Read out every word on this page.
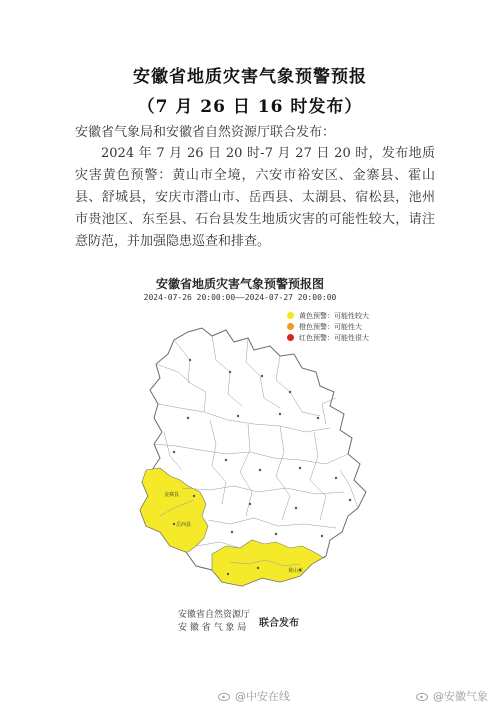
安徽省地质灾害气象预警预报
（7 月 26 日 16 时发布）
安徽省气象局和安徽省自然资源厅联合发布：
2024 年 7 月 26 日 20 时-7 月 27 日 20 时，发布地质灾害黄色预警：黄山市全境，六安市裕安区、金寨县、霍山县、舒城县，安庆市潜山市、岳西县、太湖县、宿松县，池州市贵池区、东至县、石台县发生地质灾害的可能性较大，请注意防范，并加强隐患巡查和排查。
安徽省地质灾害气象预警预报图
2024-07-26 20:00:00——2024-07-27 20:00:00
黄色预警：可能性较大
橙色预警：可能性大
红色预警：可能性很大
金寨县
岳西县
黄山市
安徽省自然资源厅
安 徽 省 气 象 局	联合发布
@中安在线	@安徽气象
